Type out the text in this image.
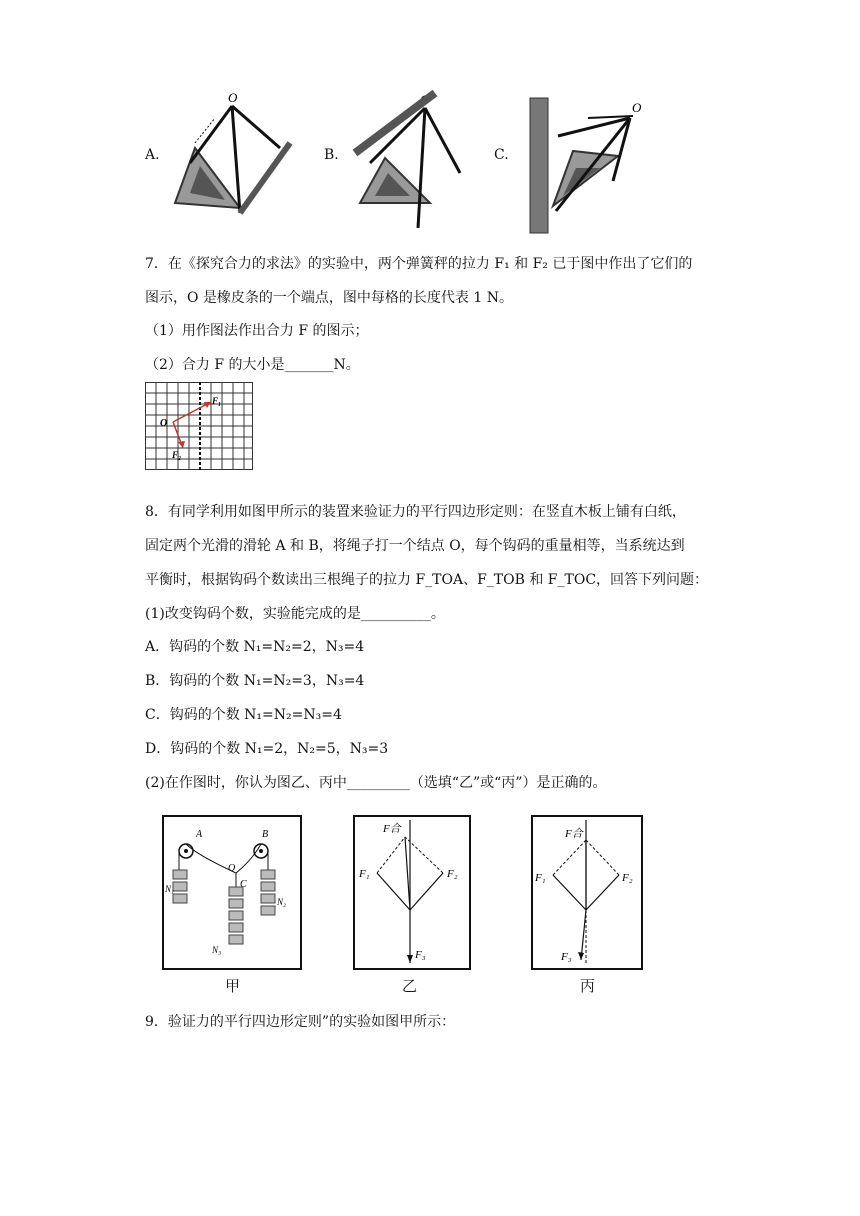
A.
O
B.	C.
O
7．在《探究合力的求法》的实验中，两个弹簧秤的拉力 F₁ 和 F₂ 已于图中作出了它们的
图示，O 是橡皮条的一个端点，图中每格的长度代表 1 N。
（1）用作图法作出合力 F 的图示；
（2）合力 F 的大小是_______N。
O
F₁
F₂
8．有同学利用如图甲所示的装置来验证力的平行四边形定则：在竖直木板上铺有白纸，
固定两个光滑的滑轮 A 和 B，将绳子打一个结点 O，每个钩码的重量相等，当系统达到
平衡时，根据钩码个数读出三根绳子的拉力 F_TOA、F_TOB 和 F_TOC，回答下列问题：
(1)改变钩码个数，实验能完成的是__________。
A．钩码的个数 N₁=N₂=2，N₃=4
B．钩码的个数 N₁=N₂=3，N₃=4
C．钩码的个数 N₁=N₂=N₃=4
D．钩码的个数 N₁=2，N₂=5，N₃=3
(2)在作图时，你认为图乙、丙中_________（选填“乙”或“丙”）是正确的。
A	B
O
C
N₁
N₂
N₃
甲
F合
F₁	F₂
F₃
乙
F合
F₁	F₂
F₃
丙
9．验证力的平行四边形定则”的实验如图甲所示：
